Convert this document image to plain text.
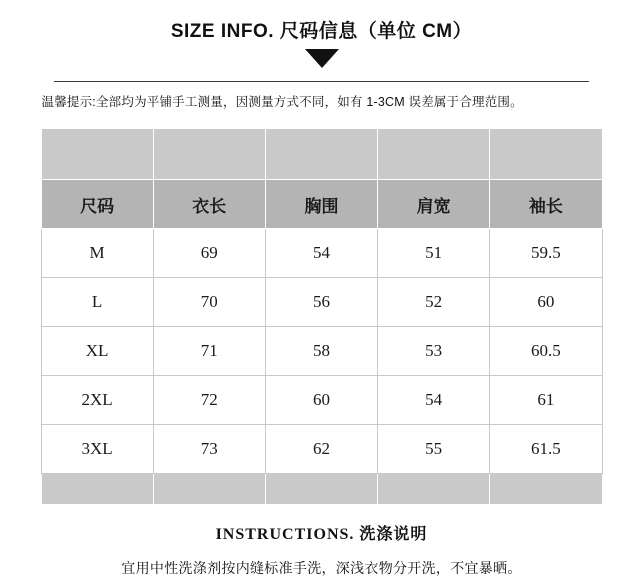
SIZE INFO. 尺码信息（单位 CM）
温馨提示:全部均为平铺手工测量，因测量方式不同，如有 1-3CM 误差属于合理范围。

尺码	衣长	胸围	肩宽	袖长
M	69	54	51	59.5
L	70	56	52	60
XL	71	58	53	60.5
2XL	72	60	54	61
3XL	73	62	55	61.5

INSTRUCTIONS. 洗涤说明
宜用中性洗涤剂按内缝标准手洗，深浅衣物分开洗，不宜暴晒。
